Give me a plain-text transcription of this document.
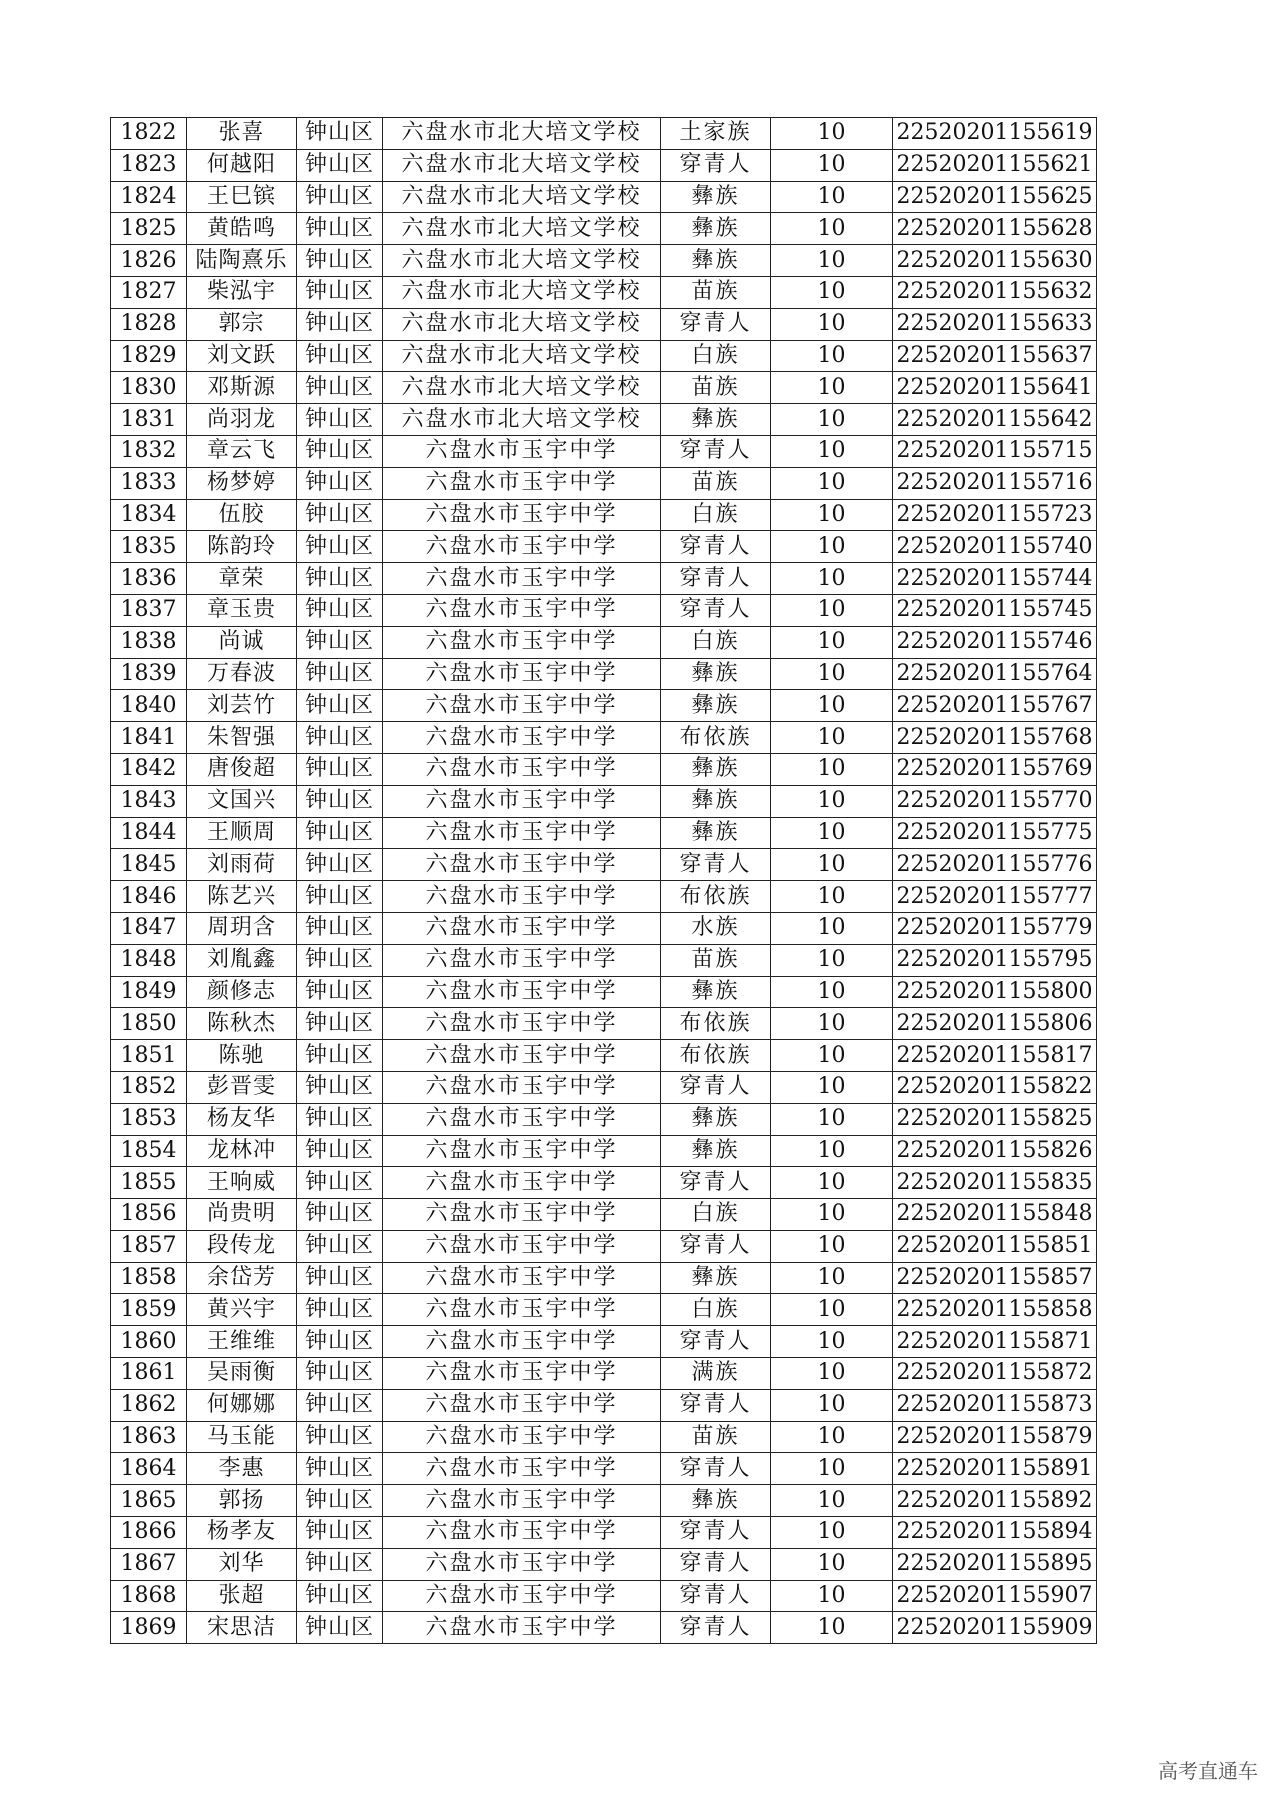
1822	张喜	钟山区	六盘水市北大培文学校	土家族	10	22520201155619
1823	何越阳	钟山区	六盘水市北大培文学校	穿青人	10	22520201155621
1824	王巳镔	钟山区	六盘水市北大培文学校	彝族	10	22520201155625
1825	黄皓鸣	钟山区	六盘水市北大培文学校	彝族	10	22520201155628
1826	陆陶熹乐	钟山区	六盘水市北大培文学校	彝族	10	22520201155630
1827	柴泓宇	钟山区	六盘水市北大培文学校	苗族	10	22520201155632
1828	郭宗	钟山区	六盘水市北大培文学校	穿青人	10	22520201155633
1829	刘文跃	钟山区	六盘水市北大培文学校	白族	10	22520201155637
1830	邓斯源	钟山区	六盘水市北大培文学校	苗族	10	22520201155641
1831	尚羽龙	钟山区	六盘水市北大培文学校	彝族	10	22520201155642
1832	章云飞	钟山区	六盘水市玉宇中学	穿青人	10	22520201155715
1833	杨梦婷	钟山区	六盘水市玉宇中学	苗族	10	22520201155716
1834	伍胶	钟山区	六盘水市玉宇中学	白族	10	22520201155723
1835	陈韵玲	钟山区	六盘水市玉宇中学	穿青人	10	22520201155740
1836	章荣	钟山区	六盘水市玉宇中学	穿青人	10	22520201155744
1837	章玉贵	钟山区	六盘水市玉宇中学	穿青人	10	22520201155745
1838	尚诚	钟山区	六盘水市玉宇中学	白族	10	22520201155746
1839	万春波	钟山区	六盘水市玉宇中学	彝族	10	22520201155764
1840	刘芸竹	钟山区	六盘水市玉宇中学	彝族	10	22520201155767
1841	朱智强	钟山区	六盘水市玉宇中学	布依族	10	22520201155768
1842	唐俊超	钟山区	六盘水市玉宇中学	彝族	10	22520201155769
1843	文国兴	钟山区	六盘水市玉宇中学	彝族	10	22520201155770
1844	王顺周	钟山区	六盘水市玉宇中学	彝族	10	22520201155775
1845	刘雨荷	钟山区	六盘水市玉宇中学	穿青人	10	22520201155776
1846	陈艺兴	钟山区	六盘水市玉宇中学	布依族	10	22520201155777
1847	周玥含	钟山区	六盘水市玉宇中学	水族	10	22520201155779
1848	刘胤鑫	钟山区	六盘水市玉宇中学	苗族	10	22520201155795
1849	颜修志	钟山区	六盘水市玉宇中学	彝族	10	22520201155800
1850	陈秋杰	钟山区	六盘水市玉宇中学	布依族	10	22520201155806
1851	陈驰	钟山区	六盘水市玉宇中学	布依族	10	22520201155817
1852	彭晋雯	钟山区	六盘水市玉宇中学	穿青人	10	22520201155822
1853	杨友华	钟山区	六盘水市玉宇中学	彝族	10	22520201155825
1854	龙林冲	钟山区	六盘水市玉宇中学	彝族	10	22520201155826
1855	王响威	钟山区	六盘水市玉宇中学	穿青人	10	22520201155835
1856	尚贵明	钟山区	六盘水市玉宇中学	白族	10	22520201155848
1857	段传龙	钟山区	六盘水市玉宇中学	穿青人	10	22520201155851
1858	余岱芳	钟山区	六盘水市玉宇中学	彝族	10	22520201155857
1859	黄兴宇	钟山区	六盘水市玉宇中学	白族	10	22520201155858
1860	王维维	钟山区	六盘水市玉宇中学	穿青人	10	22520201155871
1861	吴雨衡	钟山区	六盘水市玉宇中学	满族	10	22520201155872
1862	何娜娜	钟山区	六盘水市玉宇中学	穿青人	10	22520201155873
1863	马玉能	钟山区	六盘水市玉宇中学	苗族	10	22520201155879
1864	李惠	钟山区	六盘水市玉宇中学	穿青人	10	22520201155891
1865	郭扬	钟山区	六盘水市玉宇中学	彝族	10	22520201155892
1866	杨孝友	钟山区	六盘水市玉宇中学	穿青人	10	22520201155894
1867	刘华	钟山区	六盘水市玉宇中学	穿青人	10	22520201155895
1868	张超	钟山区	六盘水市玉宇中学	穿青人	10	22520201155907
1869	宋思洁	钟山区	六盘水市玉宇中学	穿青人	10	22520201155909
高考直通车
